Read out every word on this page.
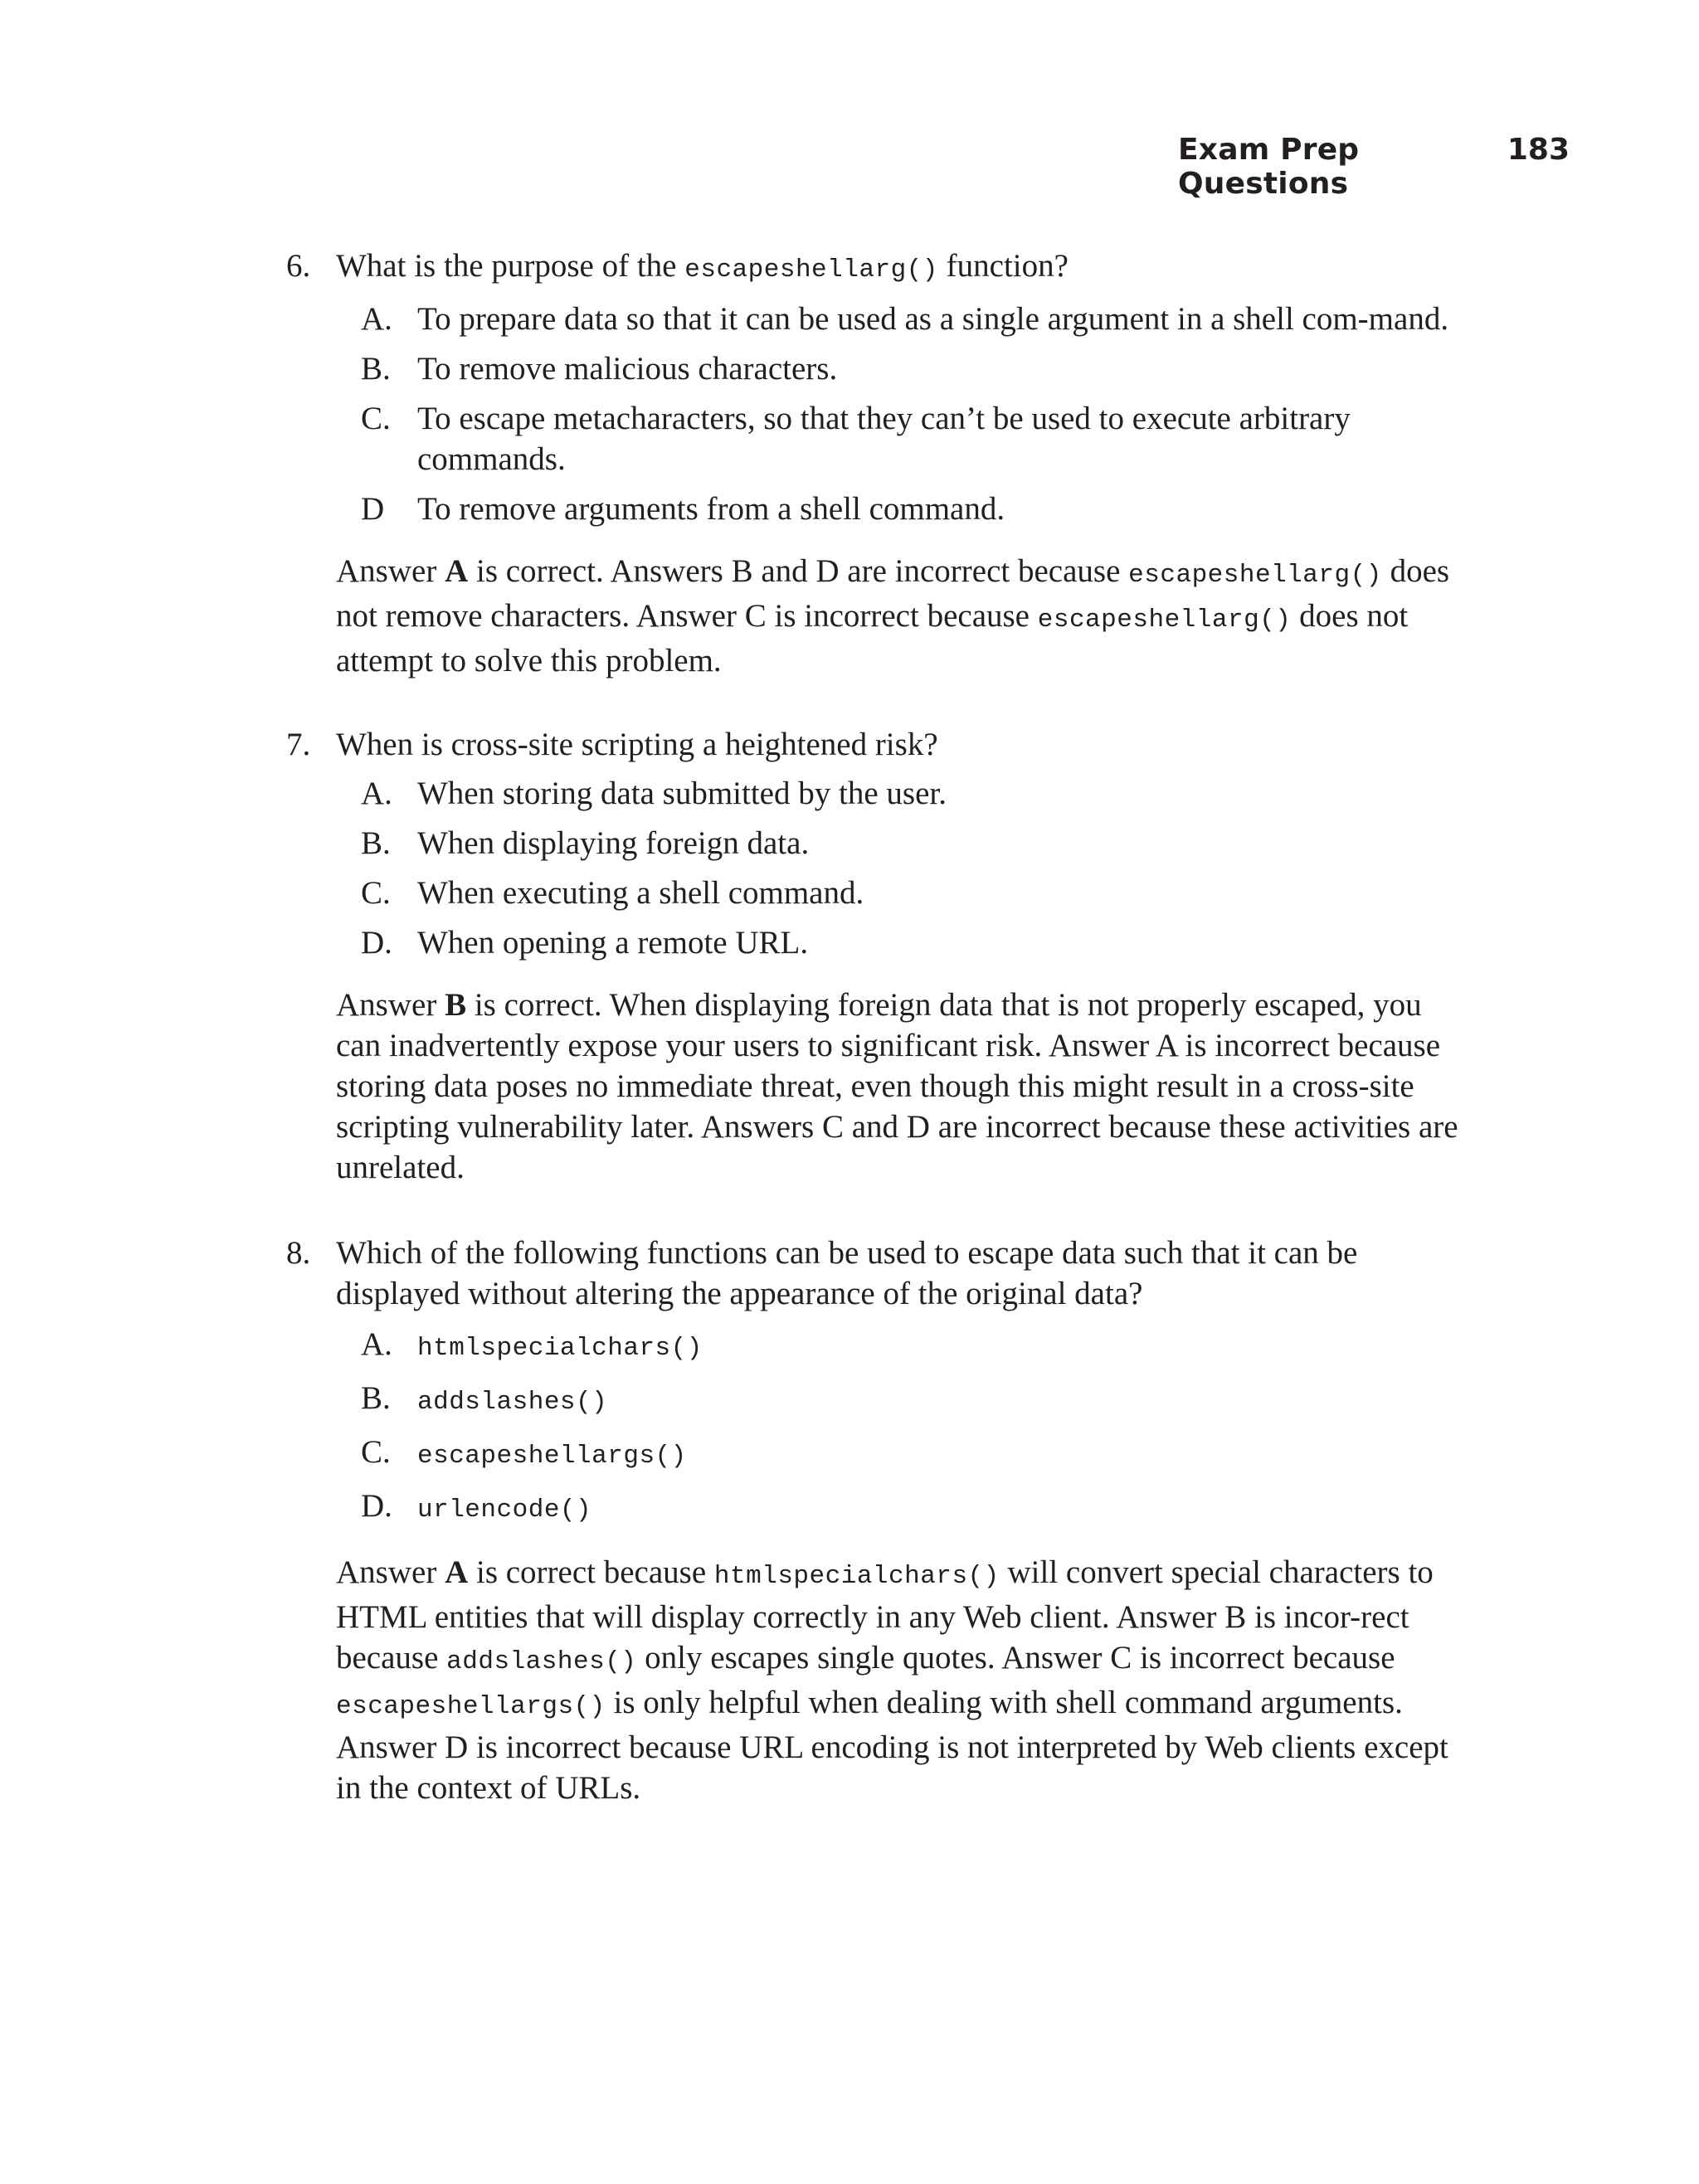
Exam Prep Questions
183
6. What is the purpose of the escapeshellarg() function?

A. To prepare data so that it can be used as a single argument in a shell com-mand.
B. To remove malicious characters.
C. To escape metacharacters, so that they can’t be used to execute arbitrary commands.
D	To remove arguments from a shell command.

Answer A is correct. Answers B and D are incorrect because escapeshellarg() does not remove characters. Answer C is incorrect because escapeshellarg() does not attempt to solve this problem.

7. When is cross-site scripting a heightened risk?

A. When storing data submitted by the user.
B. When displaying foreign data.
C. When executing a shell command.
D. When opening a remote URL.

Answer B is correct. When displaying foreign data that is not properly escaped, you can inadvertently expose your users to significant risk. Answer A is incorrect because storing data poses no immediate threat, even though this might result in a cross-site scripting vulnerability later. Answers C and D are incorrect because these activities are unrelated.

8. Which of the following functions can be used to escape data such that it can be displayed without altering the appearance of the original data?

A. htmlspecialchars()
B.	addslashes()
C.	escapeshellargs()
D. urlencode()

Answer A is correct because htmlspecialchars() will convert special characters to HTML entities that will display correctly in any Web client. Answer B is incor-rect because addslashes() only escapes single quotes. Answer C is incorrect because escapeshellargs() is only helpful when dealing with shell command arguments. Answer D is incorrect because URL encoding is not interpreted by Web clients except in the context of URLs.
